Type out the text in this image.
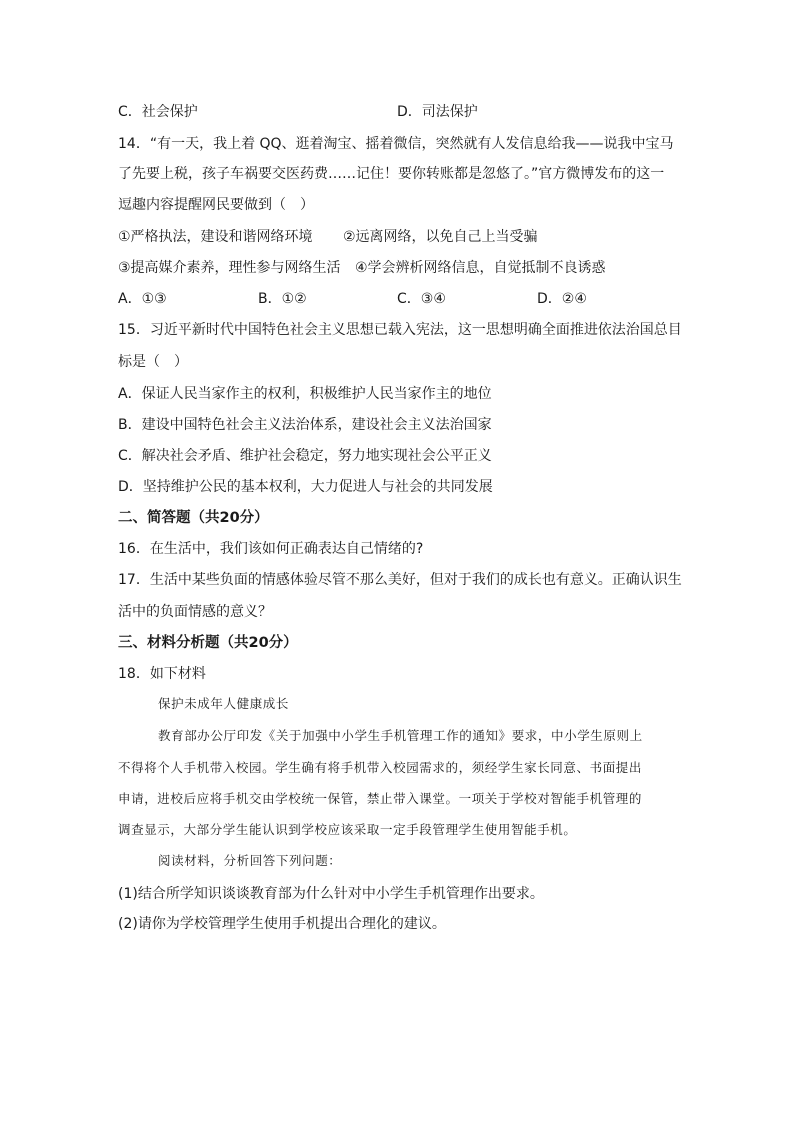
C．社会保护	D．司法保护
14．“有一天，我上着 QQ、逛着淘宝、摇着微信，突然就有人发信息给我——说我中宝马
了先要上税，孩子车祸要交医药费……记住！要你转账都是忽悠了。”官方微博发布的这一
逗趣内容提醒网民要做到（　）
①严格执法，建设和谐网络环境 ②远离网络，以免自己上当受骗
③提高媒介素养，理性参与网络生活 ④学会辨析网络信息，自觉抵制不良诱惑
A．①③	B．①②	C．③④	D．②④
15．习近平新时代中国特色社会主义思想已载入宪法，这一思想明确全面推进依法治国总目
标是（　）
A．保证人民当家作主的权利，积极维护人民当家作主的地位
B．建设中国特色社会主义法治体系，建设社会主义法治国家
C．解决社会矛盾、维护社会稳定，努力地实现社会公平正义
D．坚持维护公民的基本权利，大力促进人与社会的共同发展
二、简答题（共20分）
16．在生活中，我们该如何正确表达自己情绪的?
17．生活中某些负面的情感体验尽管不那么美好，但对于我们的成长也有意义。正确认识生
活中的负面情感的意义？
三、材料分析题（共20分）
18．如下材料
保护未成年人健康成长
教育部办公厅印发《关于加强中小学生手机管理工作的通知》要求，中小学生原则上
不得将个人手机带入校园。学生确有将手机带入校园需求的，须经学生家长同意、书面提出
申请，进校后应将手机交由学校统一保管，禁止带入课堂。一项关于学校对智能手机管理的
调查显示，大部分学生能认识到学校应该采取一定手段管理学生使用智能手机。
阅读材料，分析回答下列问题：
(1)结合所学知识谈谈教育部为什么针对中小学生手机管理作出要求。
(2)请你为学校管理学生使用手机提出合理化的建议。
